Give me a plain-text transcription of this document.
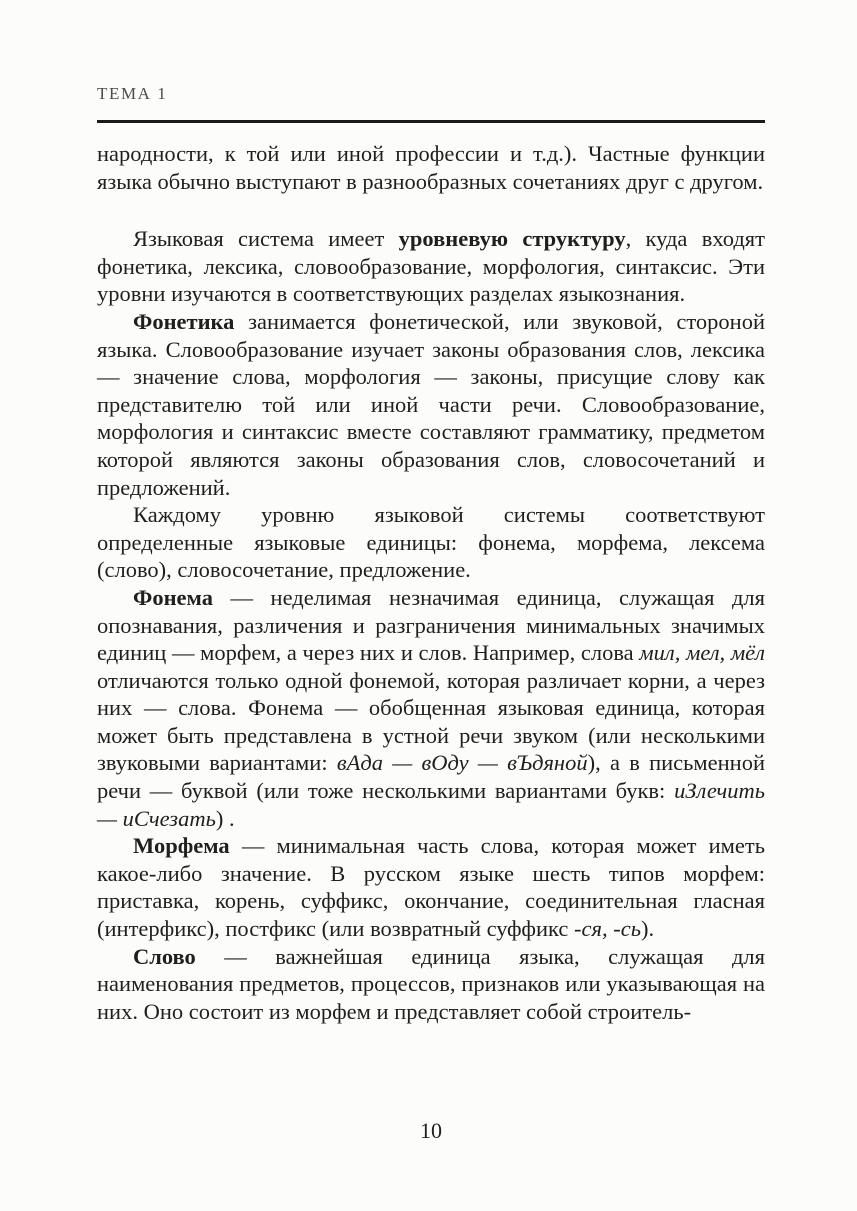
ТЕМА 1

народности, к той или иной профессии и т.д.). Частные функции языка обычно выступают в разнообразных сочетаниях друг с другом.

Языковая система имеет уровневую структуру, куда входят фонетика, лексика, словообразование, морфология, синтаксис. Эти уровни изучаются в соответствующих разделах языкознания.

Фонетика занимается фонетической, или звуковой, стороной языка. Словообразование изучает законы образования слов, лексика — значение слова, морфология — законы, присущие слову как представителю той или иной части речи. Словообразование, морфология и синтаксис вместе составляют грамматику, предметом которой являются законы образования слов, словосочетаний и предложений.

Каждому уровню языковой системы соответствуют определенные языковые единицы: фонема, морфема, лексема (слово), словосочетание, предложение.

Фонема — неделимая незначимая единица, служащая для опознавания, различения и разграничения минимальных значимых единиц — морфем, а через них и слов. Например, слова мил, мел, мёл отличаются только одной фонемой, которая различает корни, а через них — слова. Фонема — обобщенная языковая единица, которая может быть представлена в устной речи звуком (или несколькими звуковыми вариантами: вАда — вОду — вЪдяной), а в письменной речи — буквой (или тоже несколькими вариантами букв: иЗлечить — иСчезать) .

Морфема — минимальная часть слова, которая может иметь какое-либо значение. В русском языке шесть типов морфем: приставка, корень, суффикс, окончание, соединительная гласная (интерфикс), постфикс (или возвратный суффикс -ся, -сь).

Слово — важнейшая единица языка, служащая для наименования предметов, процессов, признаков или указывающая на них. Оно состоит из морфем и представляет собой строитель-

10
